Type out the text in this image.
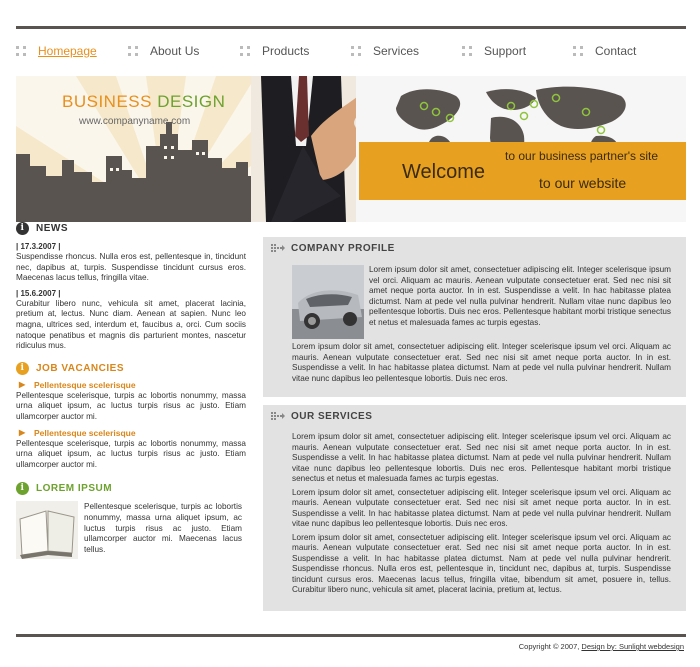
Homepage	About Us	Products	Services	Support	Contact
BUSINESS DESIGN
www.companyname.com
to our business partner's site
Welcome	to our website
i	NEWS
| 17.3.2007 |
Suspendisse rhoncus. Nulla eros est, pellentesque in, tincidunt nec, dapibus at, turpis. Suspendisse tincidunt cursus eros. Maecenas lacus tellus, fringilla vitae.
| 15.6.2007 |
Curabitur libero nunc, vehicula sit amet, placerat lacinia, pretium at, lectus. Nunc diam. Aenean at sapien. Nunc leo magna, ultrices sed, interdum et, faucibus a, orci. Cum sociis natoque penatibus et magnis dis parturient montes, nascetur ridiculus mus.
i	JOB VACANCIES
▶ Pellentesque scelerisque
Pellentesque scelerisque, turpis ac lobortis nonummy, massa urna aliquet ipsum, ac luctus turpis risus ac justo. Etiam ullamcorper auctor mi.
▶ Pellentesque scelerisque
Pellentesque scelerisque, turpis ac lobortis nonummy, massa urna aliquet ipsum, ac luctus turpis risus ac justo. Etiam ullamcorper auctor mi.
i	LOREM IPSUM
Pellentesque scelerisque, turpis ac lobortis nonummy, massa urna aliquet ipsum, ac luctus turpis risus ac justo. Etiam ullamcorper auctor mi. Maecenas lacus tellus.
COMPANY PROFILE
Lorem ipsum dolor sit amet, consectetuer adipiscing elit. Integer scelerisque ipsum vel orci. Aliquam ac mauris. Aenean vulputate consectetuer erat. Sed nec nisi sit amet neque porta auctor. In in est. Suspendisse a velit. In hac habitasse platea dictumst. Nam at pede vel nulla pulvinar hendrerit. Nullam vitae nunc dapibus leo pellentesque lobortis. Duis nec eros. Pellentesque habitant morbi tristique senectus et netus et malesuada fames ac turpis egestas.
Lorem ipsum dolor sit amet, consectetuer adipiscing elit. Integer scelerisque ipsum vel orci. Aliquam ac mauris. Aenean vulputate consectetuer erat. Sed nec nisi sit amet neque porta auctor. In in est. Suspendisse a velit. In hac habitasse platea dictumst. Nam at pede vel nulla pulvinar hendrerit. Nullam vitae nunc dapibus leo pellentesque lobortis. Duis nec eros.
OUR SERVICES
Lorem ipsum dolor sit amet, consectetuer adipiscing elit. Integer scelerisque ipsum vel orci. Aliquam ac mauris. Aenean vulputate consectetuer erat. Sed nec nisi sit amet neque porta auctor. In in est. Suspendisse a velit. In hac habitasse platea dictumst. Nam at pede vel nulla pulvinar hendrerit. Nullam vitae nunc dapibus leo pellentesque lobortis. Duis nec eros. Pellentesque habitant morbi tristique senectus et netus et malesuada fames ac turpis egestas.
Lorem ipsum dolor sit amet, consectetuer adipiscing elit. Integer scelerisque ipsum vel orci. Aliquam ac mauris. Aenean vulputate consectetuer erat. Sed nec nisi sit amet neque porta auctor. In in est. Suspendisse a velit. In hac habitasse platea dictumst. Nam at pede vel nulla pulvinar hendrerit. Nullam vitae nunc dapibus leo pellentesque lobortis. Duis nec eros.
Lorem ipsum dolor sit amet, consectetuer adipiscing elit. Integer scelerisque ipsum vel orci. Aliquam ac mauris. Aenean vulputate consectetuer erat. Sed nec nisi sit amet neque porta auctor. In in est. Suspendisse a velit. In hac habitasse platea dictumst. Nam at pede vel nulla pulvinar hendrerit. Suspendisse rhoncus. Nulla eros est, pellentesque in, tincidunt nec, dapibus at, turpis. Suspendisse tincidunt cursus eros. Maecenas lacus tellus, fringilla vitae, bibendum sit amet, posuere in, tellus. Curabitur libero nunc, vehicula sit amet, placerat lacinia, pretium at, lectus.
Copyright © 2007, Design by: Sunlight webdesign
